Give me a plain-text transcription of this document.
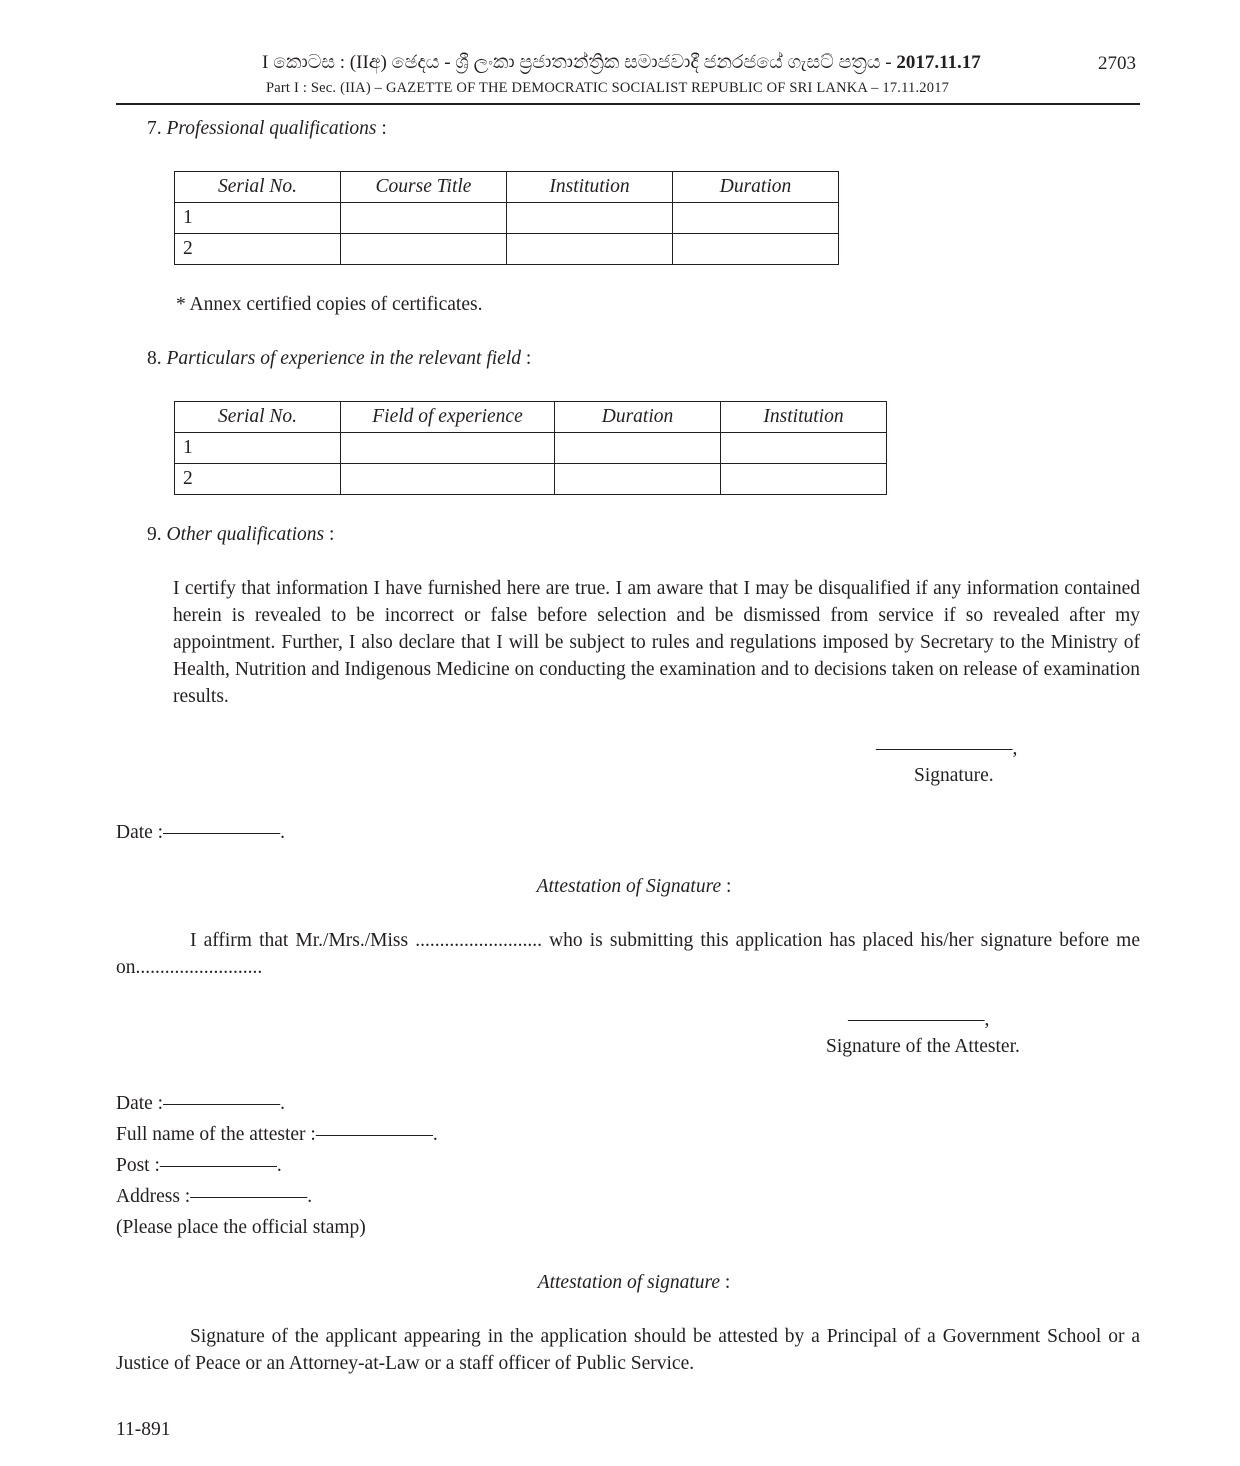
I කොටස : (IIඅ) ඡෙදය - ශ්‍රී ලංකා ප්‍රජාතාන්ත්‍රික සමාජවාදී ජනරජයේ ගැසට් පත්‍රය - 2017.11.17	2703
Part I : Sec. (IIA) – GAZETTE OF THE DEMOCRATIC SOCIALIST REPUBLIC OF SRI LANKA – 17.11.2017
7. Professional qualifications :
Serial No.	Course Title	Institution	Duration
1			
2			
* Annex certified copies of certificates.
8. Particulars of experience in the relevant field :
Serial No.	Field of experience	Duration	Institution
1			
2			
9. Other qualifications :
I certify that information I have furnished here are true. I am aware that I may be disqualified if any information contained herein is revealed to be incorrect or false before selection and be dismissed from service if so revealed after my appointment. Further, I also declare that I will be subject to rules and regulations imposed by Secretary to the Ministry of Health, Nutrition and Indigenous Medicine on conducting the examination and to decisions taken on release of examination results.
———————,
Signature.
Date :——————.
Attestation of Signature :
I affirm that Mr./Mrs./Miss .......................... who is submitting this application has placed his/her signature before me on..........................
———————,
Signature of the Attester.
Date :——————.
Full name of the attester :——————.
Post :——————.
Address :——————.
(Please place the official stamp)
Attestation of signature :
Signature of the applicant appearing in the application should be attested by a Principal of a Government School or a Justice of Peace or an Attorney-at-Law or a staff officer of Public Service.
11-891
